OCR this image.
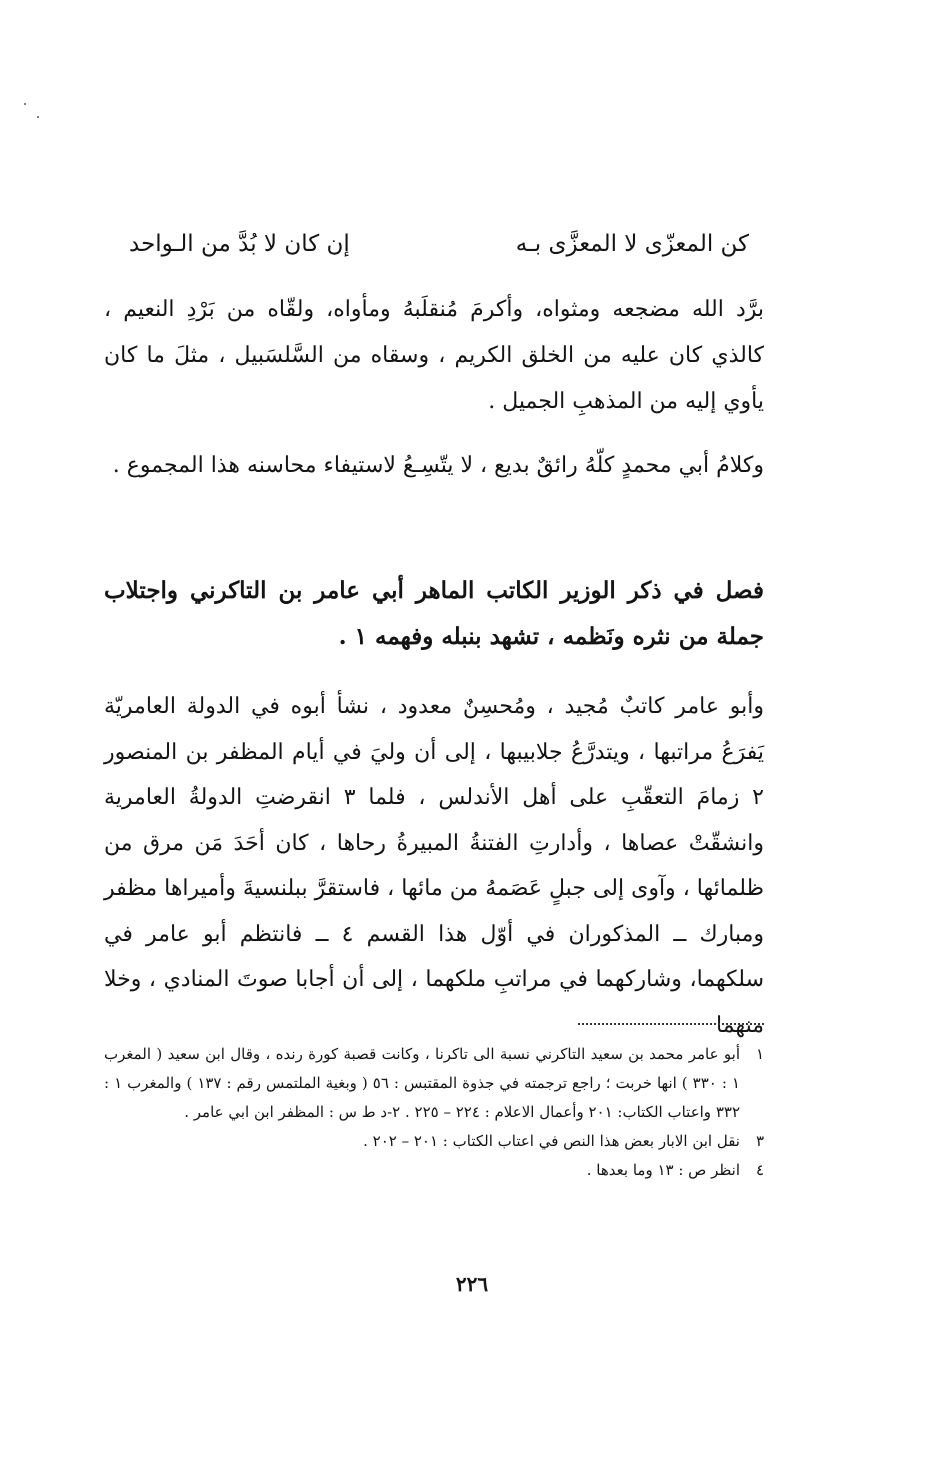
كن المعزّى لا المعزَّى بـه
إن كان لا بُدَّ من الـواحد

برَّد الله مضجعه ومثواه، وأكرمَ مُنقلَبهُ ومأواه، ولقّاه من بَرْدِ النعيم ، كالذي كان عليه من الخلق الكريم ، وسقاه من السَّلسَبيل ، مثلَ ما كان يأوي إليه من المذهبِ الجميل .

وكلامُ أبي محمدٍ كلّهُ رائقٌ بديع ، لا يتّسِـعُ لاستيفاء محاسنه هذا المجموع .

فصل في ذكر الوزير الكاتب الماهر أبي عامر بن التاكرني واجتلاب جملة من نثره ونَظمه ، تشهد بنبله وفهمه ١ .

وأبو عامر كاتبٌ مُجيد ، ومُحسِنٌ معدود ، نشأ أبوه في الدولة العامريّة يَفرَعُ مراتبها ، ويتدرَّعُ جلابيبها ، إلى أن وليَ في أيام المظفر بن المنصور ٢ زمامَ التعقّبِ على أهل الأندلس ، فلما ٣ انقرضتِ الدولةُ العامرية وانشقّتْ عصاها ، وأدارتِ الفتنةُ المبيرةُ رحاها ، كان أحَدَ مَن مرق من ظلمائها ، وآوى إلى جبلٍ عَصَمهُ من مائها ، فاستقرَّ ببلنسيةَ وأميراها مظفر ومبارك ــ المذكوران في أوّل هذا القسم ٤ ــ فانتظم أبو عامر في سلكهما، وشاركهما في مراتبِ ملكهما ، إلى أن أجابا صوتَ المنادي ، وخلا منهما

١
أبو عامر محمد بن سعيد التاكرني نسبة الى تاكرنا ، وكانت قصبة كورة رنده ، وقال ابن سعيد ( المغرب ١ : ٣٣٠ ) انها خربت ؛ راجع ترجمته في جذوة المقتبس : ٥٦ ( وبغية الملتمس رقم : ١٣٧ ) والمغرب ١ : ٣٣٢ واعتاب الكتاب: ٢٠١ وأعمال الاعلام : ٢٢٤ – ٢٢٥ . ٢-د ط س : المظفر ابن ابي عامر .
٣
نقل ابن الابار بعض هذا النص في اعتاب الكتاب : ٢٠١ – ٢٠٢ .
٤
انظر ص : ١٣ وما بعدها .
٢٢٦
